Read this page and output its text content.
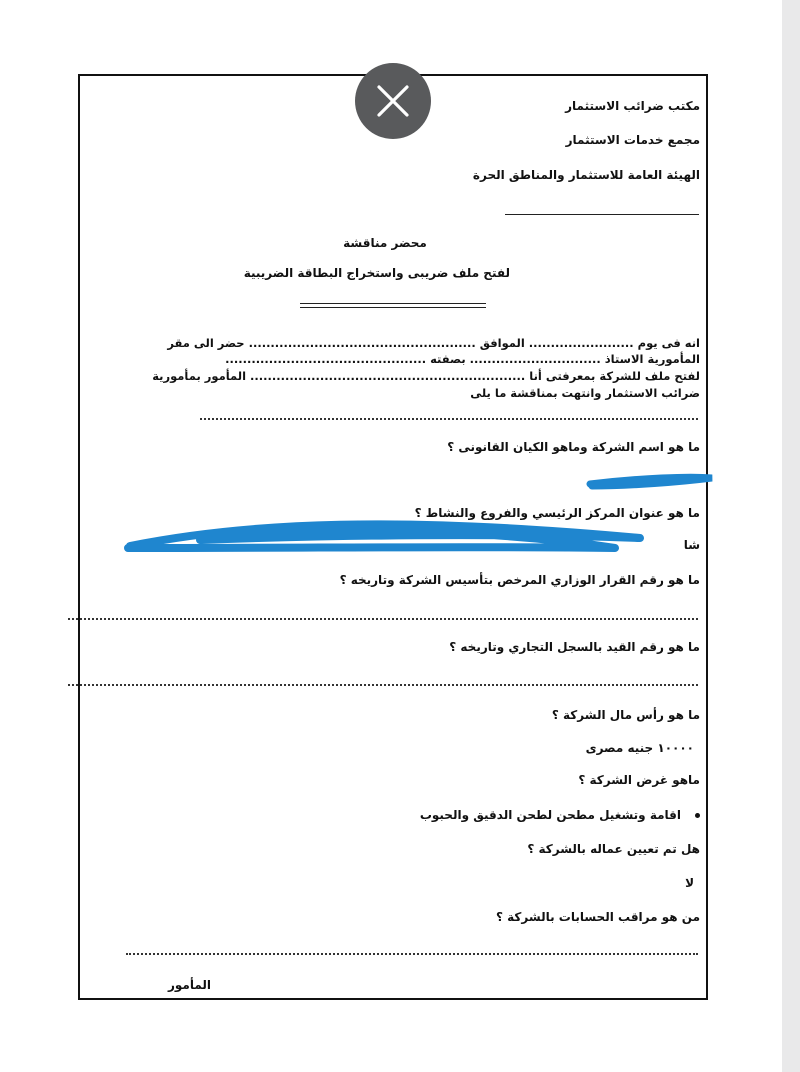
مكتب ضرائب الاستثمار
مجمع خدمات الاستثمار
الهيئة العامة للاستثمار والمناطق الحرة
محضر مناقشة
لفتح ملف ضريبى واستخراج البطاقة الضريبية
انه فى يوم ........................ الموافق .................................................... حضر الى مقر
المأمورية الاستاذ .............................. بصفته ..............................................
لفتح ملف للشركة بمعرفتى أنا ............................................................... المأمور بمأمورية
ضرائب الاستثمار وانتهت بمناقشة ما يلى
ما هو اسم الشركة وماهو الكيان القانونى ؟
ما هو عنوان المركز الرئيسي والفروع والنشاط ؟
شا
ما هو رقم القرار الوزاري المرخص بتأسيس الشركة وتاريخه ؟
ما هو رقم القيد بالسجل التجاري وتاريخه ؟
ما هو رأس مال الشركة ؟
١٠٠٠٠ جنيه مصرى
ماهو غرض الشركة ؟
اقامة وتشغيل مطحن لطحن الدقيق والحبوب
هل تم تعيين عماله بالشركة ؟
لا
من هو مراقب الحسابات بالشركة ؟
المأمور
